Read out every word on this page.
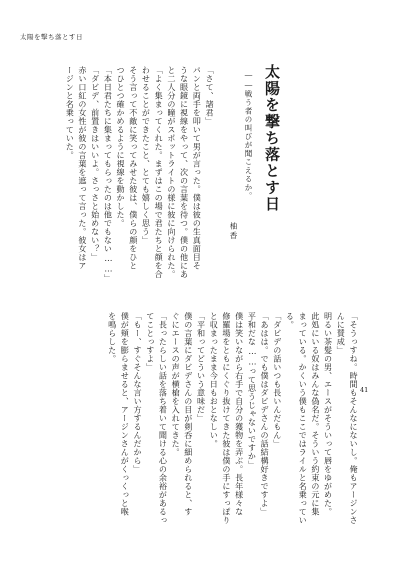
太陽を撃ち落とす日
太陽を撃ち落とす日
――戦う者の叫びが聞こえるか。
柚香
「さて、諸君」
パンと両手を叩いて男が言った。僕は彼の生真面目そ
うな眼鏡に視線をやって、次の言葉を待つ。僕の他にあ
と二人分の瞳がスポットライトの様に彼に向けられた。
「よく集まってくれた。まずはこの場で君たちと顔を合
わせることができたこと、とても嬉しく思う」
そう言って不敵に笑ってみせた彼は、僕らの顔をひと
つひとつ確かめるように視線を動かした。
「本日君たちに集まってもらったのは他でもない……」
「ダビデ、前置きはいいよ。さっさと始めない？」
赤い口紅の女性が彼の言葉を遮って言った。彼女はア
ージンと名乗っていた。
「そうっすね。時間もそんなにないし。俺もアージンさ
んに賛成」
明るい茶髪の男、エースがそういって唇をゆがめた。
此処にいる奴はみんな偽名だ。そういう約束の元に集
まっている。かくいう僕もここではライルと名乗ってい
る。
「ダビデの話いつも長いんだもん」
「あはは。でも僕はダビデさんの話結構好きですよ」
平和だな……って思うじゃないですか」
僕は笑いながら右手で自分の獲物を弄ぶ。長年様々な
修羅場をともにくぐり抜けてきた彼は僕の手にすっぽり
と収まったまま今日もおとなしい。
「平和ってどういう意味だ」
僕の言葉にダビデさんの目が剣呑に細められると、す
ぐにエースの声が横槍を入れてきた。
「長ったらしい話を落ち着いて聞ける心の余裕があるっ
てことっすよ」
「もー、すぐそんな言い方するんだから」
僕が頬を膨らませると、アージンさんがくっくっと喉
を鳴らした。
41
